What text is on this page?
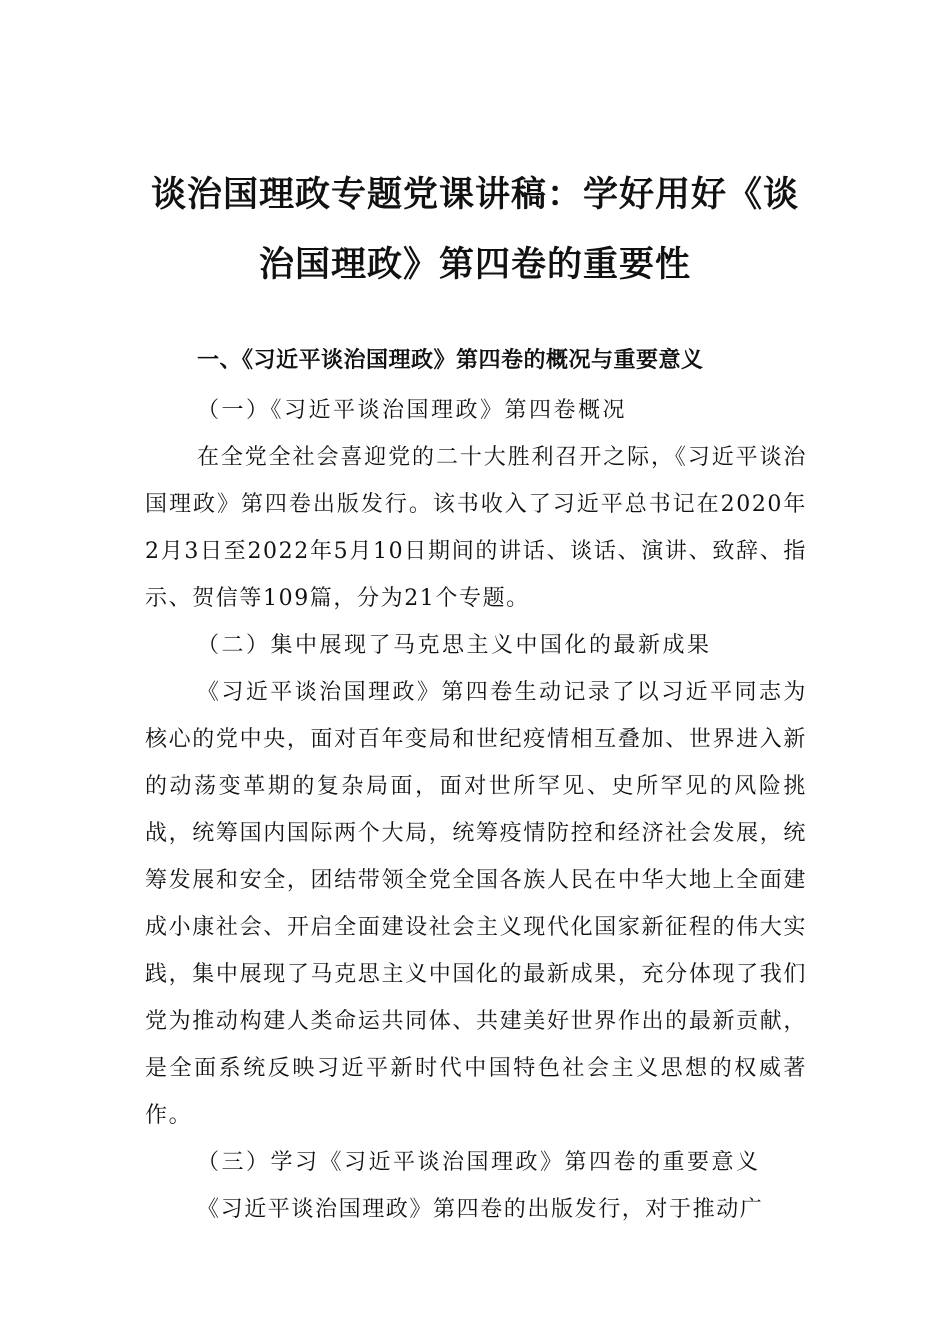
谈治国理政专题党课讲稿：学好用好《谈
治国理政》第四卷的重要性

一、《习近平谈治国理政》第四卷的概况与重要意义

（一）《习近平谈治国理政》第四卷概况

在全党全社会喜迎党的二十大胜利召开之际，《习近平谈治国理政》第四卷出版发行。该书收入了习近平总书记在2020年2月3日至2022年5月10日期间的讲话、谈话、演讲、致辞、指示、贺信等109篇，分为21个专题。

（二）集中展现了马克思主义中国化的最新成果

《习近平谈治国理政》第四卷生动记录了以习近平同志为核心的党中央，面对百年变局和世纪疫情相互叠加、世界进入新的动荡变革期的复杂局面，面对世所罕见、史所罕见的风险挑战，统筹国内国际两个大局，统筹疫情防控和经济社会发展，统筹发展和安全，团结带领全党全国各族人民在中华大地上全面建成小康社会、开启全面建设社会主义现代化国家新征程的伟大实践，集中展现了马克思主义中国化的最新成果，充分体现了我们党为推动构建人类命运共同体、共建美好世界作出的最新贡献，是全面系统反映习近平新时代中国特色社会主义思想的权威著作。

（三）学习《习近平谈治国理政》第四卷的重要意义

《习近平谈治国理政》第四卷的出版发行，对于推动广
